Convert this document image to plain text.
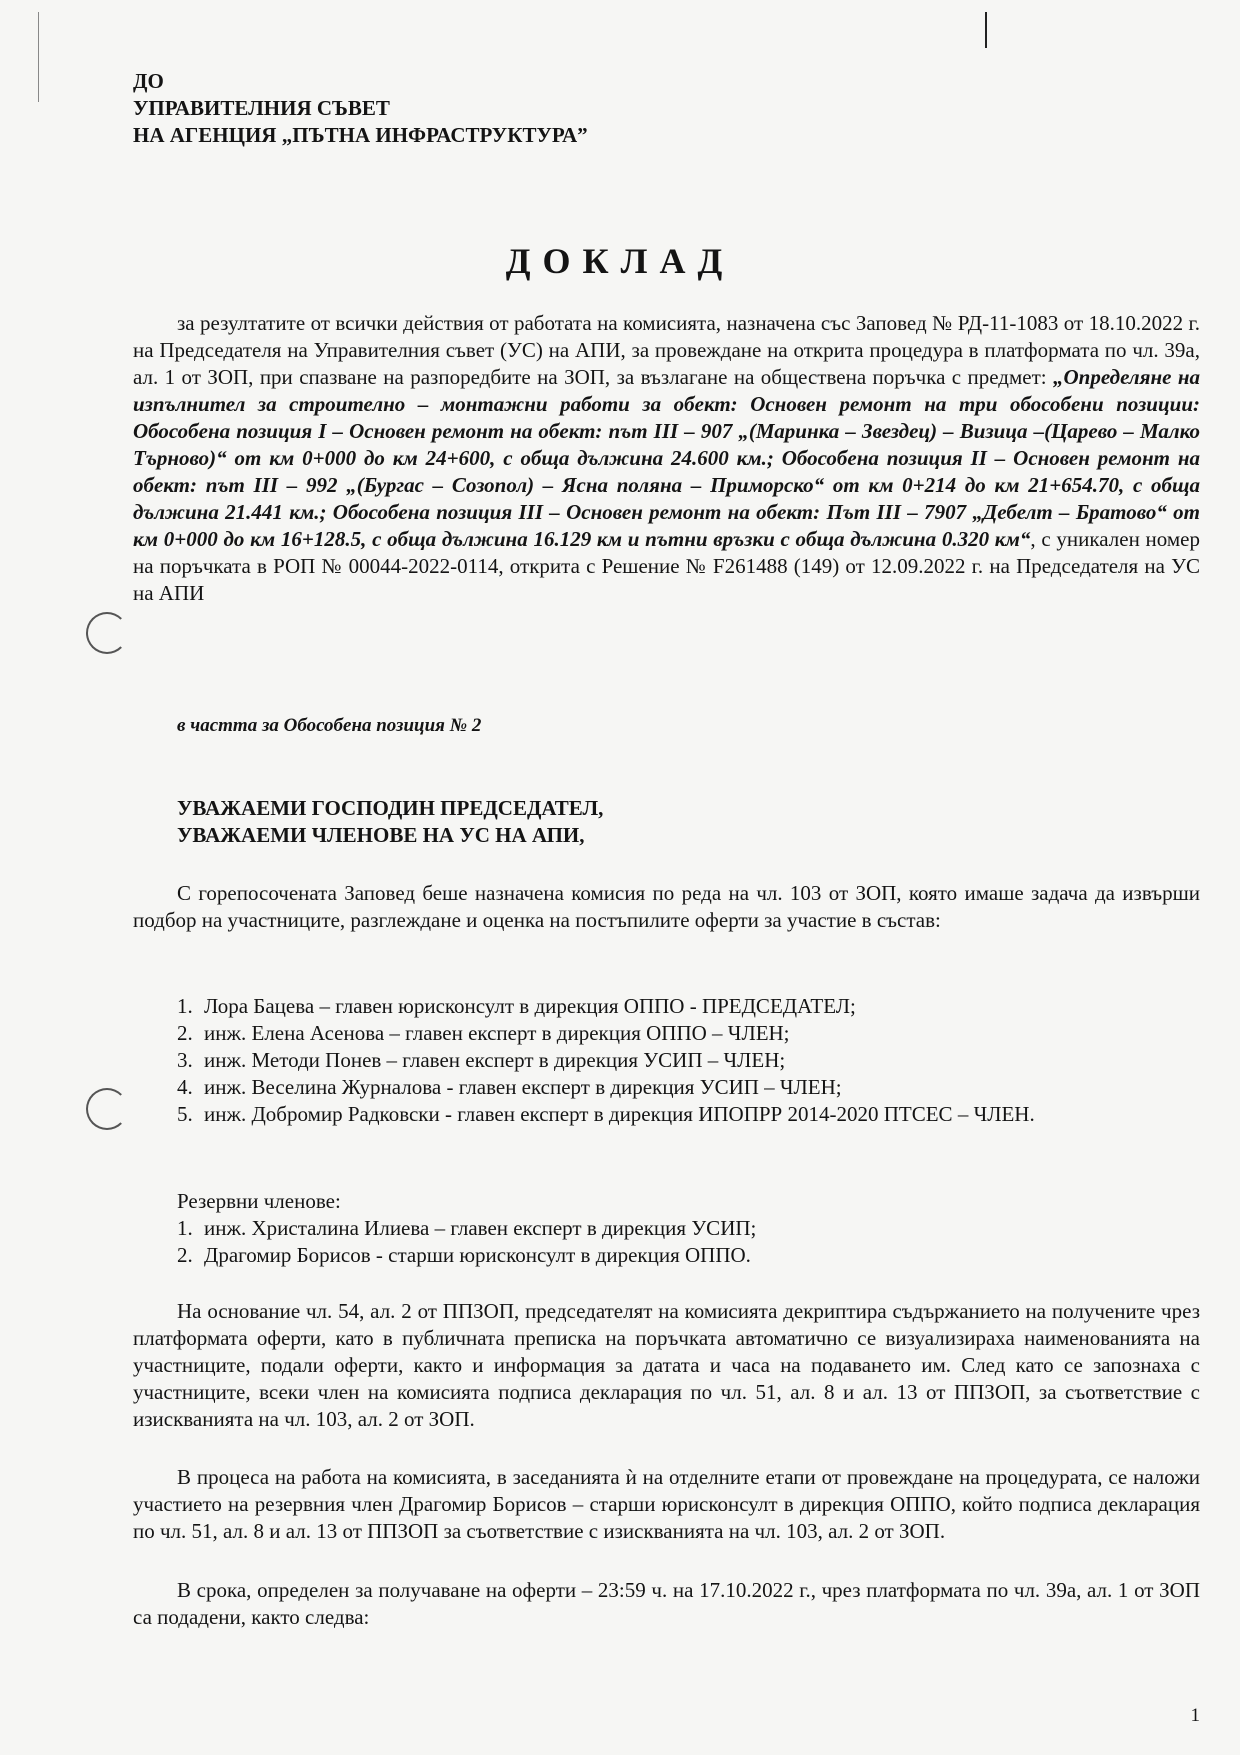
ДО
УПРАВИТЕЛНИЯ СЪВЕТ
НА АГЕНЦИЯ „ПЪТНА ИНФРАСТРУКТУРА”
ДОКЛАД
за резултатите от всички действия от работата на комисията, назначена със Заповед № РД-11-1083 от 18.10.2022 г. на Председателя на Управителния съвет (УС) на АПИ, за провеждане на открита процедура в платформата по чл. 39а, ал. 1 от ЗОП, при спазване на разпоредбите на ЗОП, за възлагане на обществена поръчка с предмет: „Определяне на изпълнител за строително – монтажни работи за обект: Основен ремонт на три обособени позиции: Обособена позиция I – Основен ремонт на обект: път III – 907 „(Маринка – Звездец) – Визица –(Царево – Малко Търново)“ от км 0+000 до км 24+600, с обща дължина 24.600 км.; Обособена позиция II – Основен ремонт на обект: път III – 992 „(Бургас – Созопол) – Ясна поляна – Приморско“ от км 0+214 до км 21+654.70, с обща дължина 21.441 км.; Обособена позиция III – Основен ремонт на обект: Път III – 7907 „Дебелт – Братово“ от км 0+000 до км 16+128.5, с обща дължина 16.129 км и пътни връзки с обща дължина 0.320 км“, с уникален номер на поръчката в РОП № 00044-2022-0114, открита с Решение № F261488 (149) от 12.09.2022 г. на Председателя на УС на АПИ
в частта за Обособена позиция № 2
УВАЖАЕМИ ГОСПОДИН ПРЕДСЕДАТЕЛ,
УВАЖАЕМИ ЧЛЕНОВЕ НА УС НА АПИ,
С горепосочената Заповед беше назначена комисия по реда на чл. 103 от ЗОП, която имаше задача да извърши подбор на участниците, разглеждане и оценка на постъпилите оферти за участие в състав:
1. Лора Бацева – главен юрисконсулт в дирекция ОППО - ПРЕДСЕДАТЕЛ;
2. инж. Елена Асенова – главен експерт в дирекция ОППО – ЧЛЕН;
3. инж. Методи Понев – главен експерт в дирекция УСИП – ЧЛЕН;
4. инж. Веселина Журналова - главен експерт в дирекция УСИП – ЧЛЕН;
5. инж. Добромир Радковски - главен експерт в дирекция ИПОПРР 2014-2020 ПТСЕС – ЧЛЕН.
Резервни членове:
1. инж. Христалина Илиева – главен експерт в дирекция УСИП;
2. Драгомир Борисов - старши юрисконсулт в дирекция ОППО.
На основание чл. 54, ал. 2 от ППЗОП, председателят на комисията декриптира съдържанието на получените чрез платформата оферти, като в публичната преписка на поръчката автоматично се визуализираха наименованията на участниците, подали оферти, както и информация за датата и часа на подаването им. След като се запознаха с участниците, всеки член на комисията подписа декларация по чл. 51, ал. 8 и ал. 13 от ППЗОП, за съответствие с изискванията на чл. 103, ал. 2 от ЗОП.
В процеса на работа на комисията, в заседанията ѝ на отделните етапи от провеждане на процедурата, се наложи участието на резервния член Драгомир Борисов – старши юрисконсулт в дирекция ОППО, който подписа декларация по чл. 51, ал. 8 и ал. 13 от ППЗОП за съответствие с изискванията на чл. 103, ал. 2 от ЗОП.
В срока, определен за получаване на оферти – 23:59 ч. на 17.10.2022 г., чрез платформата по чл. 39а, ал. 1 от ЗОП са подадени, както следва:
1
